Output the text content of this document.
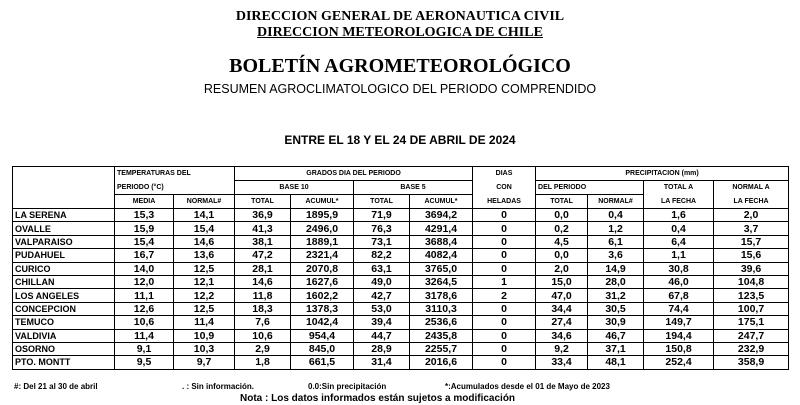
DIRECCION GENERAL DE AERONAUTICA CIVIL
DIRECCION METEOROLOGICA DE CHILE
BOLETÍN AGROMETEOROLÓGICO
RESUMEN AGROCLIMATOLOGICO DEL PERIODO COMPRENDIDO
ENTRE EL 18 Y EL 24 DE ABRIL DE 2024
	TEMPERATURAS DEL		GRADOS DIA DEL PERIODO				DIAS	PRECIPITACION (mm)			
	PERIODO (°C)		BASE 10		BASE 5		CON	DEL PERIODO		TOTAL A	NORMAL A
	MEDIA	NORMAL#	TOTAL	ACUMUL*	TOTAL	ACUMUL*	HELADAS	TOTAL	NORMAL#	LA FECHA	LA FECHA
LA SERENA	15,3	14,1	36,9	1895,9	71,9	3694,2	0	0,0	0,4	1,6	2,0
OVALLE	15,9	15,4	41,3	2496,0	76,3	4291,4	0	0,2	1,2	0,4	3,7
VALPARAISO	15,4	14,6	38,1	1889,1	73,1	3688,4	0	4,5	6,1	6,4	15,7
PUDAHUEL	16,7	13,6	47,2	2321,4	82,2	4082,4	0	0,0	3,6	1,1	15,6
CURICO	14,0	12,5	28,1	2070,8	63,1	3765,0	0	2,0	14,9	30,8	39,6
CHILLAN	12,0	12,1	14,6	1627,6	49,0	3264,5	1	15,0	28,0	46,0	104,8
LOS ANGELES	11,1	12,2	11,8	1602,2	42,7	3178,6	2	47,0	31,2	67,8	123,5
CONCEPCION	12,6	12,5	18,3	1378,3	53,0	3110,3	0	34,4	30,5	74,4	100,7
TEMUCO	10,6	11,4	7,6	1042,4	39,4	2536,6	0	27,4	30,9	149,7	175,1
VALDIVIA	11,4	10,9	10,6	954,4	44,7	2435,8	0	34,6	46,7	194,4	247,7
OSORNO	9,1	10,3	2,9	845,0	28,9	2255,7	0	9,2	37,1	150,8	232,9
PTO. MONTT	9,5	9,7	1,8	661,5	31,4	2016,6	0	33,4	48,1	252,4	358,9
#: Del 21 al 30 de abril	. : Sin información.	0.0:Sin precipitación	*:Acumulados desde el 01 de Mayo de 2023
Nota : Los datos informados están sujetos a modificación
